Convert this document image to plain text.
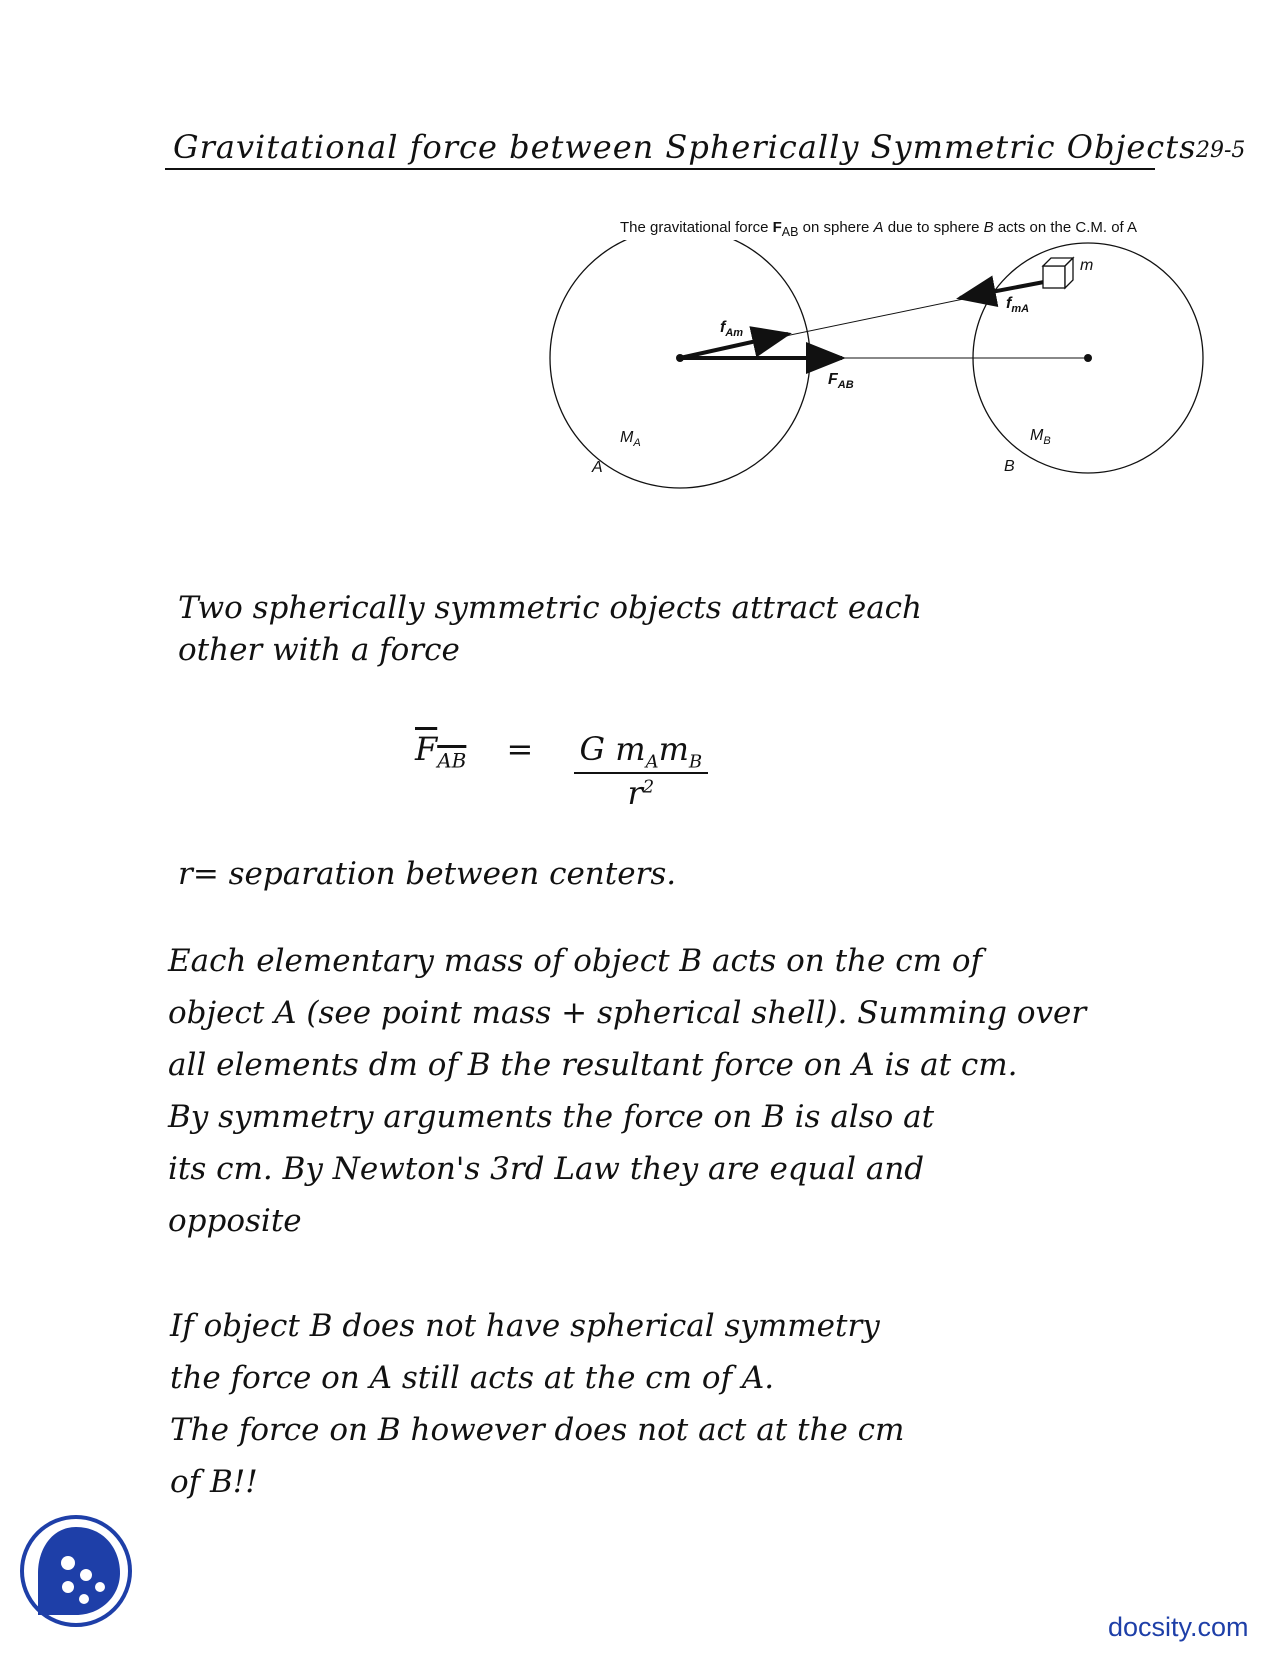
Gravitational force between Spherically Symmetric Objects 29-5
The gravitational force $F_{AB}$ on sphere A due to sphere B acts on the C.M. of A
m
$f_{mA}$
$f_{Am}$
$F_{AB}$
$M_A$	$M_B$
A	B
Two spherically symmetric objects attract each
other with a force
$F_{AB} = G$ $m_Am_B$
$r^2$
r= separation between centers.
Each elementary mass of object B acts on the cm of
object A (see point mass + spherical shell). Summing over
all elements dm of B the resultant force on A is at cm.
By symmetry arguments the force on B is also at
its cm. By Newton's 3rd Law they are equal and
opposite
If object B does not have spherical symmetry
the force on A still acts at the cm of A.
The force on B however does not act at the cm
of B!!
docsity.com
